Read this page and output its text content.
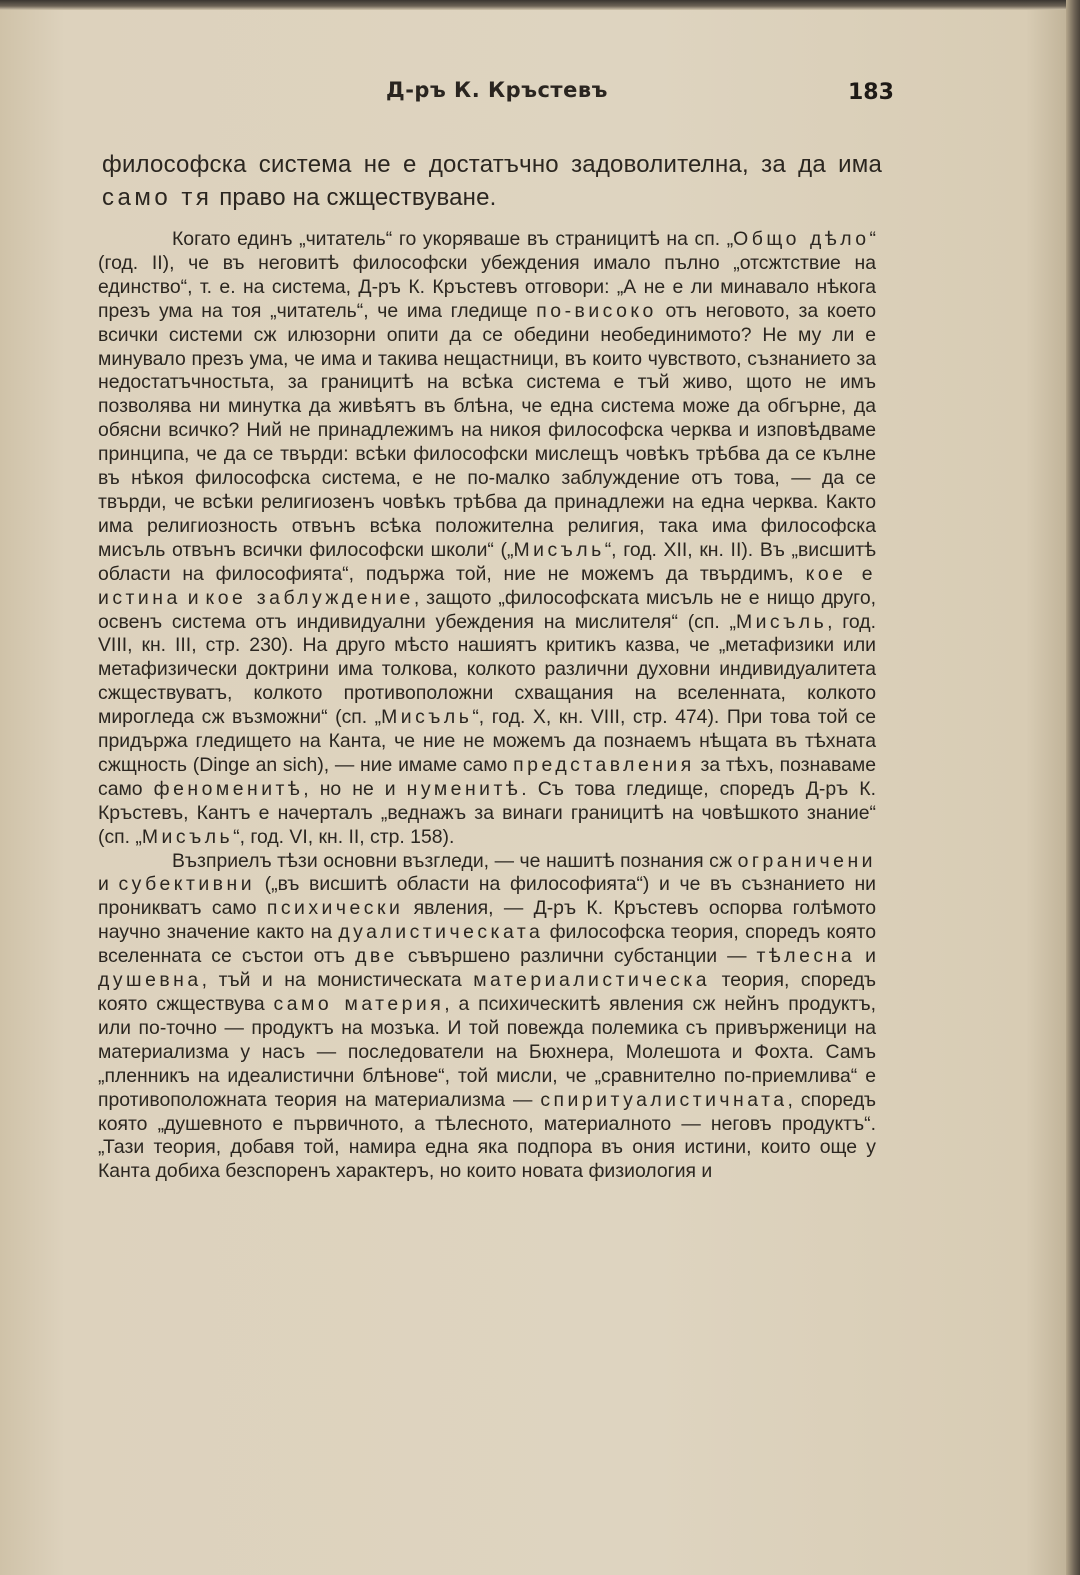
Д-ръ К. Кръстевъ	183
философска система не е достатъчно задоволителна, за да има само тя право на сжществуване.

Когато единъ „читатель“ го укоряваше въ страницитѣ на сп. „Общо дѣло“ (год. II), че въ неговитѣ философски убеждения имало пълно „отсжтствие на единство“, т. е. на система, Д-ръ К. Кръстевъ отговори: „А не е ли минавало нѣкога презъ ума на тоя „читатель“, че има гледище по-високо отъ неговото, за което всички системи сж илюзорни опити да се обедини необединимото? Не му ли е минувало презъ ума, че има и такива нещастници, въ които чувството, съзнанието за недостатъчностьта, за границитѣ на всѣка система е тъй живо, щото не имъ позволява ни минутка да живѣятъ въ блѣна, че една система може да обгърне, да обясни всичко? Ний не принадлежимъ на никоя философска черква и изповѣдваме принципа, че да се твърди: всѣки философски мислещъ човѣкъ трѣбва да се кълне въ нѣкоя философска система, е не по-малко заблуждение отъ това, — да се твърди, че всѣки религиозенъ човѣкъ трѣбва да принадлежи на една черква. Както има религиозность отвънъ всѣка положителна религия, така има философска мисъль отвънъ всички философски школи“ („Мисъль“, год. XII, кн. II). Въ „висшитѣ области на философията“, подържа той, ние не можемъ да твърдимъ, кое е истина и кое заблуждение, защото „философската мисъль не е нищо друго, освенъ система отъ индивидуални убеждения на мислителя“ (сп. „Мисъль, год. VIII, кн. III, стр. 230). На друго мѣсто нашиятъ критикъ казва, че „метафизики или метафизически доктрини има толкова, колкото различни духовни индивидуалитета сжществуватъ, колкото противоположни схващания на вселенната, колкото мирогледа сж възможни“ (сп. „Мисъль“, год. X, кн. VIII, стр. 474). При това той се придържа гледището на Канта, че ние не можемъ да познаемъ нѣщата въ тѣхната сжщность (Dinge an sich), — ние имаме само представления за тѣхъ, познаваме само феноменитѣ, но не и нуменитѣ. Съ това гледище, споредъ Д-ръ К. Кръстевъ, Кантъ е начерталъ „веднажъ за винаги границитѣ на човѣшкото знание“ (сп. „Мисъль“, год. VI, кн. II, стр. 158).

Възприелъ тѣзи основни възгледи, — че нашитѣ познания сж ограничени и субективни („въ висшитѣ области на философията“) и че въ съзнанието ни проникватъ само психически явления, — Д-ръ К. Кръстевъ оспорва голѣмото научно значение както на дуалистическата философска теория, споредъ която вселенната се състои отъ две съвършено различни субстанции — тѣлесна и душевна, тъй и на монистическата материалистическа теория, споредъ която сжществува само материя, а психическитѣ явления сж нейнъ продуктъ, или по-точно — продуктъ на мозъка. И той повежда полемика съ привърженици на материализма у насъ — последователи на Бюхнера, Молешота и Фохта. Самъ „пленникъ на идеалистични блѣнове“, той мисли, че „сравнително по-приемлива“ е противоположната теория на материализма — спиритуалистичната, споредъ която „душевното е първичното, а тѣлесното, материалното — неговъ продуктъ“. „Тази теория, добавя той, намира една яка подпора въ ония истини, които още у Канта добиха безспоренъ характеръ, но които новата физиология и
